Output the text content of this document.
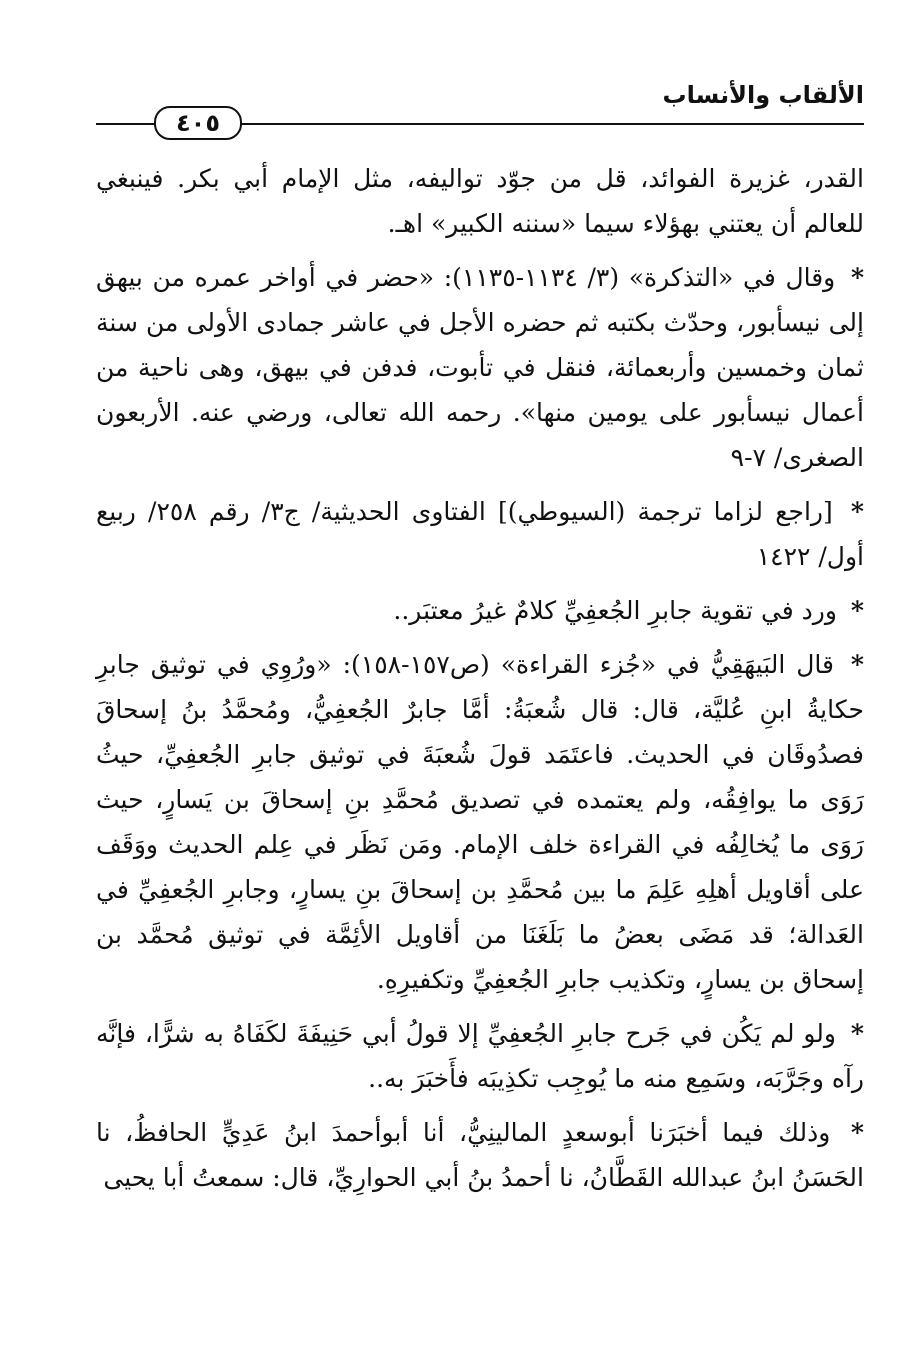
الألقاب والأنساب
٤٠٥

القدر، غزيرة الفوائد، قل من جوّد تواليفه، مثل الإمام أبي بكر. فينبغي للعالم أن يعتني بهؤلاء سيما «سننه الكبير» اهـ.

* وقال في «التذكرة» (٣/ ١١٣٤-١١٣٥): «حضر في أواخر عمره من بيهق إلى نيسأبور، وحدّث بكتبه ثم حضره الأجل في عاشر جمادى الأولى من سنة ثمان وخمسين وأربعمائة، فنقل في تأبوت، فدفن في بيهق، وهى ناحية من أعمال نيسأبور على يومين منها». رحمه الله تعالى، ورضي عنه. الأربعون الصغرى/ ٧-٩

* [راجع لزاما ترجمة (السيوطي)] الفتاوى الحديثية/ ج٣/ رقم ٢٥٨/ ربيع أول/ ١٤٢٢

* ورد في تقوية جابرِ الجُعفِيِّ كلامٌ غيرُ معتبَر..

* قال البَيهَقِيُّ في «جُزء القراءة» (ص١٥٧-١٥٨): «ورُوِي في توثيق جابرِ حكايةُ ابنِ عُليَّة، قال: قال شُعبَةُ: أمَّا جابرٌ الجُعفِيُّ، ومُحمَّدُ بنُ إسحاقَ فصدُوقَان في الحديث. فاعتَمَد قولَ شُعبَةَ في توثيق جابرِ الجُعفِيِّ، حيثُ رَوَى ما يوافِقُه، ولم يعتمده في تصديق مُحمَّدِ بنِ إسحاقَ بن يَسارٍ، حيث رَوَى ما يُخالِفُه في القراءة خلف الإمام. ومَن نَظَر في عِلم الحديث ووَقَف على أقاويل أهلِهِ عَلِمَ ما بين مُحمَّدِ بن إسحاقَ بنِ يسارٍ، وجابرِ الجُعفِيِّ في العَدالة؛ قد مَضَى بعضُ ما بَلَغَنَا من أقاويل الأئِمَّة في توثيق مُحمَّد بن إسحاق بن يسارٍ، وتكذيب جابرِ الجُعفِيِّ وتكفيرِهِ.

* ولو لم يَكُن في جَرح جابرِ الجُعفِيِّ إلا قولُ أبي حَنِيفَةَ لكَفَاهُ به شرًّا، فإنَّه رآه وجَرَّبَه، وسَمِع منه ما يُوجِب تكذِيبَه فأَخبَرَ به..

* وذلك فيما أخبَرَنا أبوسعدٍ المالينِيُّ، أنا أبوأحمدَ ابنُ عَدِيٍّ الحافظُ، نا الحَسَنُ ابنُ عبدالله القَطَّانُ، نا أحمدُ بنُ أبي الحوارِيِّ، قال: سمعتُ أبا يحيى
